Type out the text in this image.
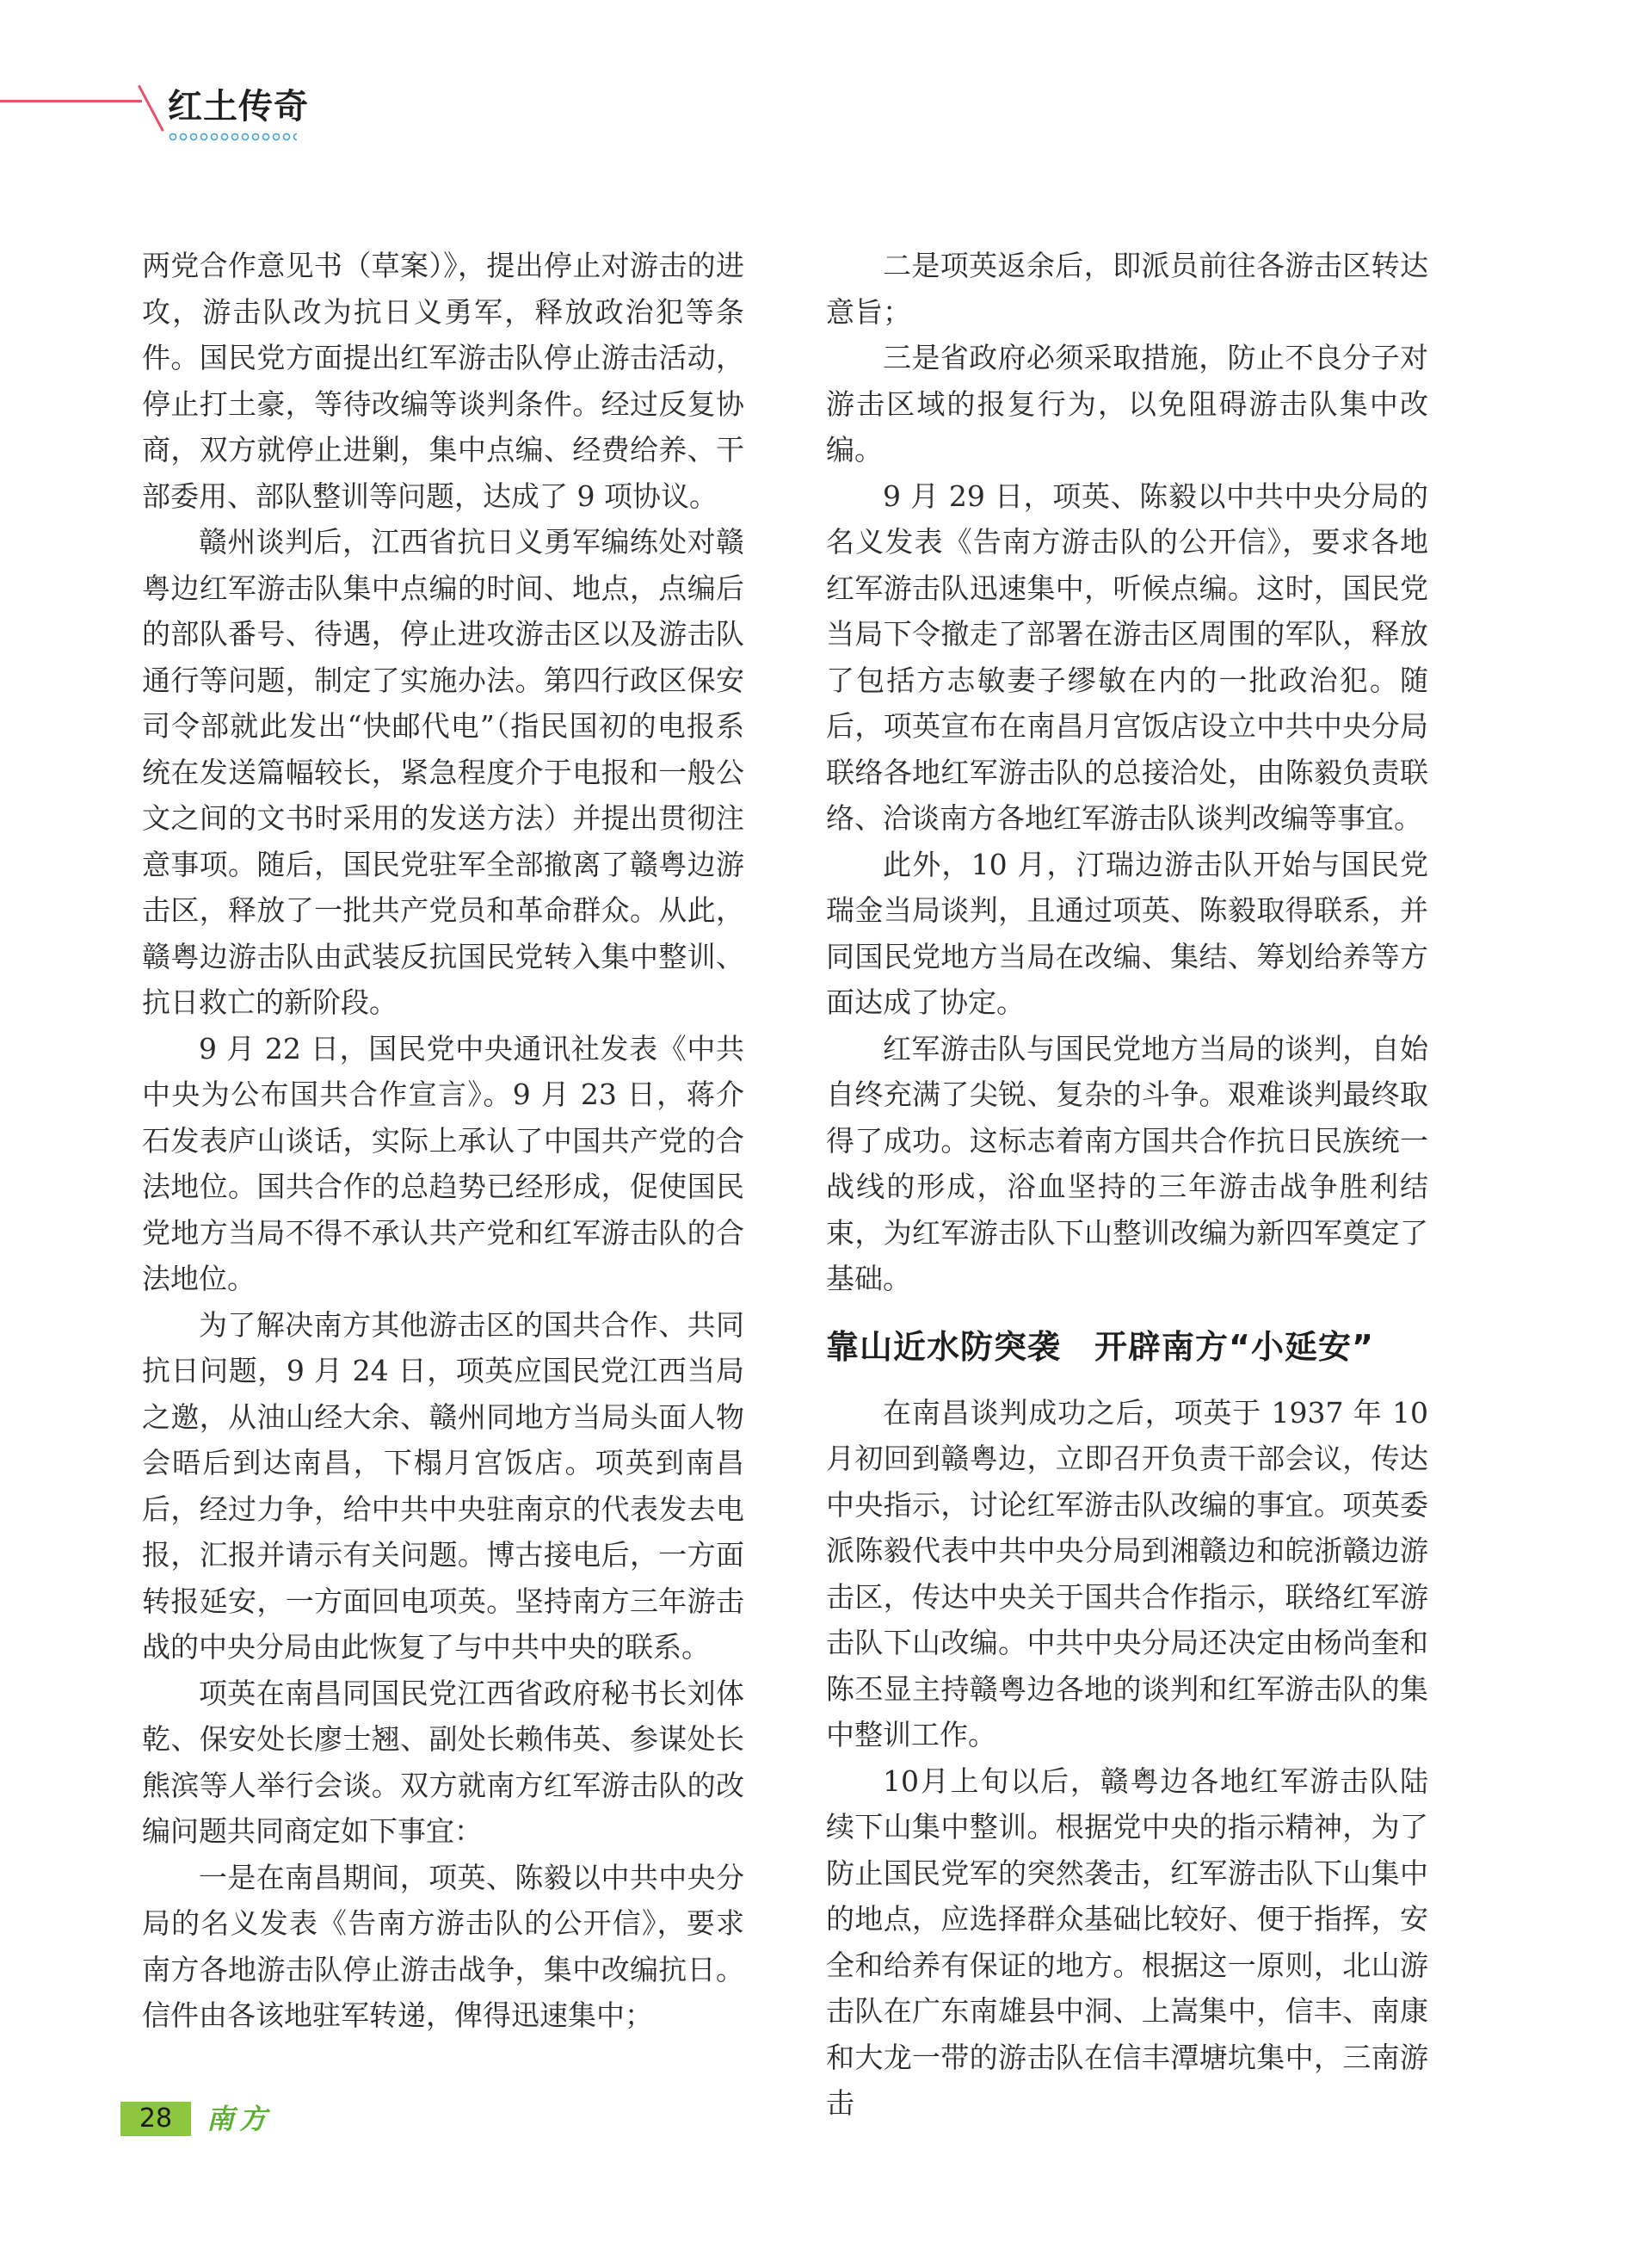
红土传奇

两党合作意见书（草案）》，提出停止对游击的进攻，游击队改为抗日义勇军，释放政治犯等条件。国民党方面提出红军游击队停止游击活动，停止打土豪，等待改编等谈判条件。经过反复协商，双方就停止进剿，集中点编、经费给养、干部委用、部队整训等问题，达成了 9 项协议。

赣州谈判后，江西省抗日义勇军编练处对赣粤边红军游击队集中点编的时间、地点，点编后的部队番号、待遇，停止进攻游击区以及游击队通行等问题，制定了实施办法。第四行政区保安司令部就此发出“快邮代电”（指民国初的电报系统在发送篇幅较长，紧急程度介于电报和一般公文之间的文书时采用的发送方法）并提出贯彻注意事项。随后，国民党驻军全部撤离了赣粤边游击区，释放了一批共产党员和革命群众。从此，赣粤边游击队由武装反抗国民党转入集中整训、抗日救亡的新阶段。

9 月 22 日，国民党中央通讯社发表《中共中央为公布国共合作宣言》。9 月 23 日，蒋介石发表庐山谈话，实际上承认了中国共产党的合法地位。国共合作的总趋势已经形成，促使国民党地方当局不得不承认共产党和红军游击队的合法地位。

为了解决南方其他游击区的国共合作、共同抗日问题，9 月 24 日，项英应国民党江西当局之邀，从油山经大余、赣州同地方当局头面人物会晤后到达南昌，下榻月宫饭店。项英到南昌后，经过力争，给中共中央驻南京的代表发去电报，汇报并请示有关问题。博古接电后，一方面转报延安，一方面回电项英。坚持南方三年游击战的中央分局由此恢复了与中共中央的联系。

项英在南昌同国民党江西省政府秘书长刘体乾、保安处长廖士翘、副处长赖伟英、参谋处长熊滨等人举行会谈。双方就南方红军游击队的改编问题共同商定如下事宜：

一是在南昌期间，项英、陈毅以中共中央分局的名义发表《告南方游击队的公开信》，要求南方各地游击队停止游击战争，集中改编抗日。信件由各该地驻军转递，俾得迅速集中；

二是项英返余后，即派员前往各游击区转达意旨；

三是省政府必须采取措施，防止不良分子对游击区域的报复行为，以免阻碍游击队集中改编。

9 月 29 日，项英、陈毅以中共中央分局的名义发表《告南方游击队的公开信》，要求各地红军游击队迅速集中，听候点编。这时，国民党当局下令撤走了部署在游击区周围的军队，释放了包括方志敏妻子缪敏在内的一批政治犯。随后，项英宣布在南昌月宫饭店设立中共中央分局联络各地红军游击队的总接洽处，由陈毅负责联络、洽谈南方各地红军游击队谈判改编等事宜。

此外，10 月，汀瑞边游击队开始与国民党瑞金当局谈判，且通过项英、陈毅取得联系，并同国民党地方当局在改编、集结、筹划给养等方面达成了协定。

红军游击队与国民党地方当局的谈判，自始自终充满了尖锐、复杂的斗争。艰难谈判最终取得了成功。这标志着南方国共合作抗日民族统一战线的形成，浴血坚持的三年游击战争胜利结束，为红军游击队下山整训改编为新四军奠定了基础。

靠山近水防突袭　开辟南方“小延安”

在南昌谈判成功之后，项英于 1937 年 10 月初回到赣粤边，立即召开负责干部会议，传达中央指示，讨论红军游击队改编的事宜。项英委派陈毅代表中共中央分局到湘赣边和皖浙赣边游击区，传达中央关于国共合作指示，联络红军游击队下山改编。中共中央分局还决定由杨尚奎和陈丕显主持赣粤边各地的谈判和红军游击队的集中整训工作。

10月上旬以后，赣粤边各地红军游击队陆续下山集中整训。根据党中央的指示精神，为了防止国民党军的突然袭击，红军游击队下山集中的地点，应选择群众基础比较好、便于指挥，安全和给养有保证的地方。根据这一原则，北山游击队在广东南雄县中洞、上嵩集中，信丰、南康和大龙一带的游击队在信丰潭塘坑集中，三南游击

28	南方
